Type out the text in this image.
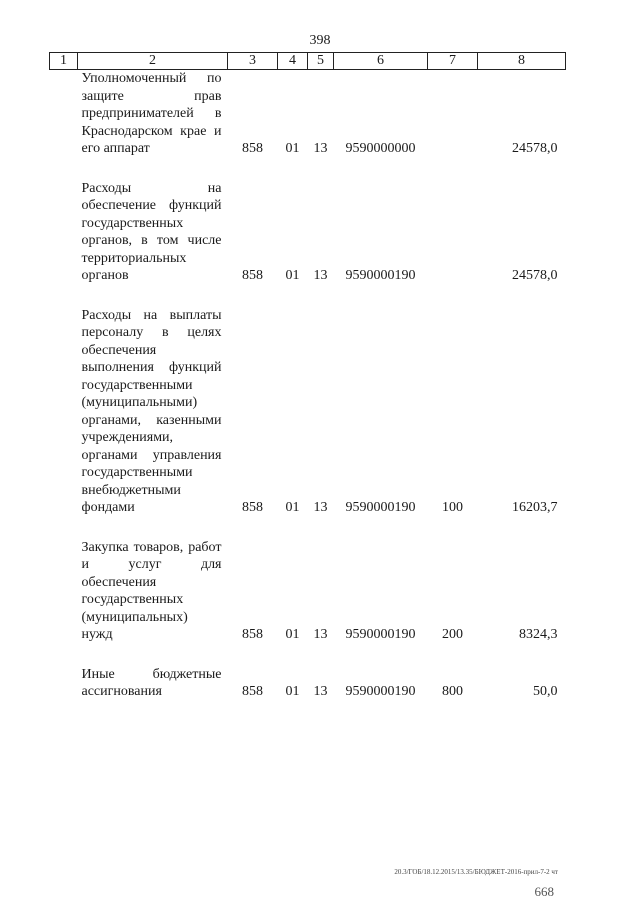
398
1	2	3	4	5	6	7	8
	Уполномоченный по защите прав предпринимателей в Краснодарском крае и его аппарат	858	01	13	9590000000		24578,0

	Расходы на обеспечение функций государственных органов, в том числе территориальных органов	858	01	13	9590000190		24578,0

	Расходы на выплаты персоналу в целях обеспечения выполнения функций государственными (муниципальными) органами, казенными учреждениями, органами управления государственными внебюджетными фондами	858	01	13	9590000190	100	16203,7

	Закупка товаров, работ и услуг для обеспечения государственных (муниципальных) нужд	858	01	13	9590000190	200	8324,3

	Иные бюджетные ассигнования	858	01	13	9590000190	800	50,0
20.3/ГОБ/18.12.2015/13.35/БЮДЖЕТ-2016-прил-7-2 чт
668
